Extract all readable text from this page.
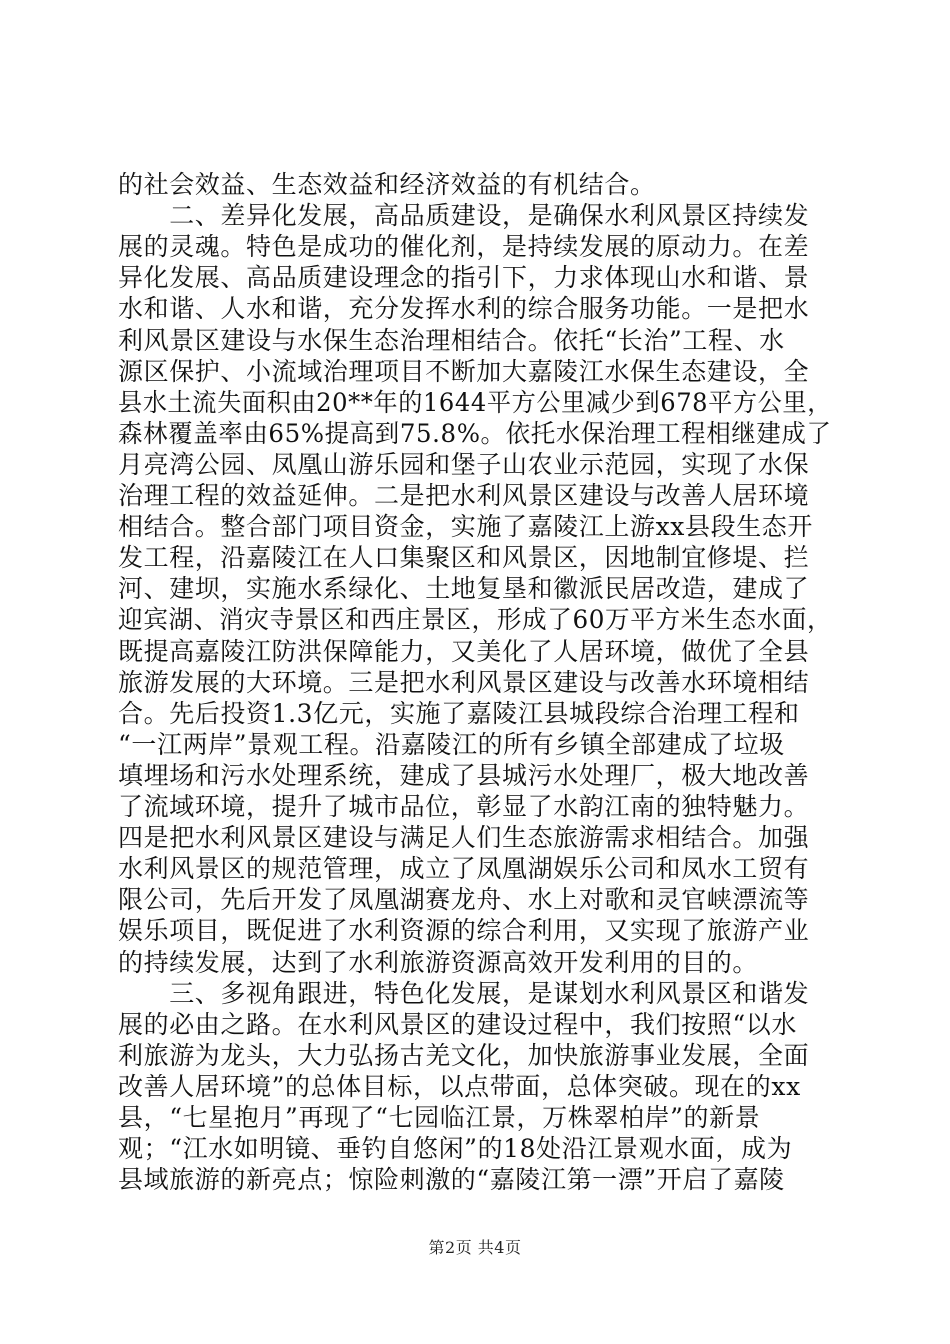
的社会效益、生态效益和经济效益的有机结合。
　　二、差异化发展，高品质建设，是确保水利风景区持续发
展的灵魂。特色是成功的催化剂，是持续发展的原动力。在差
异化发展、高品质建设理念的指引下，力求体现山水和谐、景
水和谐、人水和谐，充分发挥水利的综合服务功能。一是把水
利风景区建设与水保生态治理相结合。依托“长治”工程、水
源区保护、小流域治理项目不断加大嘉陵江水保生态建设，全
县水土流失面积由20**年的1644平方公里减少到678平方公里，
森林覆盖率由65%提高到75.8%。依托水保治理工程相继建成了
月亮湾公园、凤凰山游乐园和堡子山农业示范园，实现了水保
治理工程的效益延伸。二是把水利风景区建设与改善人居环境
相结合。整合部门项目资金，实施了嘉陵江上游xx县段生态开
发工程，沿嘉陵江在人口集聚区和风景区，因地制宜修堤、拦
河、建坝，实施水系绿化、土地复垦和徽派民居改造，建成了
迎宾湖、消灾寺景区和西庄景区，形成了60万平方米生态水面，
既提高嘉陵江防洪保障能力，又美化了人居环境，做优了全县
旅游发展的大环境。三是把水利风景区建设与改善水环境相结
合。先后投资1.3亿元，实施了嘉陵江县城段综合治理工程和
“一江两岸”景观工程。沿嘉陵江的所有乡镇全部建成了垃圾
填埋场和污水处理系统，建成了县城污水处理厂，极大地改善
了流域环境，提升了城市品位，彰显了水韵江南的独特魅力。
四是把水利风景区建设与满足人们生态旅游需求相结合。加强
水利风景区的规范管理，成立了凤凰湖娱乐公司和凤水工贸有
限公司，先后开发了凤凰湖赛龙舟、水上对歌和灵官峡漂流等
娱乐项目，既促进了水利资源的综合利用，又实现了旅游产业
的持续发展，达到了水利旅游资源高效开发利用的目的。
　　三、多视角跟进，特色化发展，是谋划水利风景区和谐发
展的必由之路。在水利风景区的建设过程中，我们按照“以水
利旅游为龙头，大力弘扬古羌文化，加快旅游事业发展，全面
改善人居环境”的总体目标，以点带面，总体突破。现在的xx
县，“七星抱月”再现了“七园临江景，万株翠柏岸”的新景
观；“江水如明镜、垂钓自悠闲”的18处沿江景观水面，成为
县域旅游的新亮点；惊险刺激的“嘉陵江第一漂”开启了嘉陵
第2页 共4页
